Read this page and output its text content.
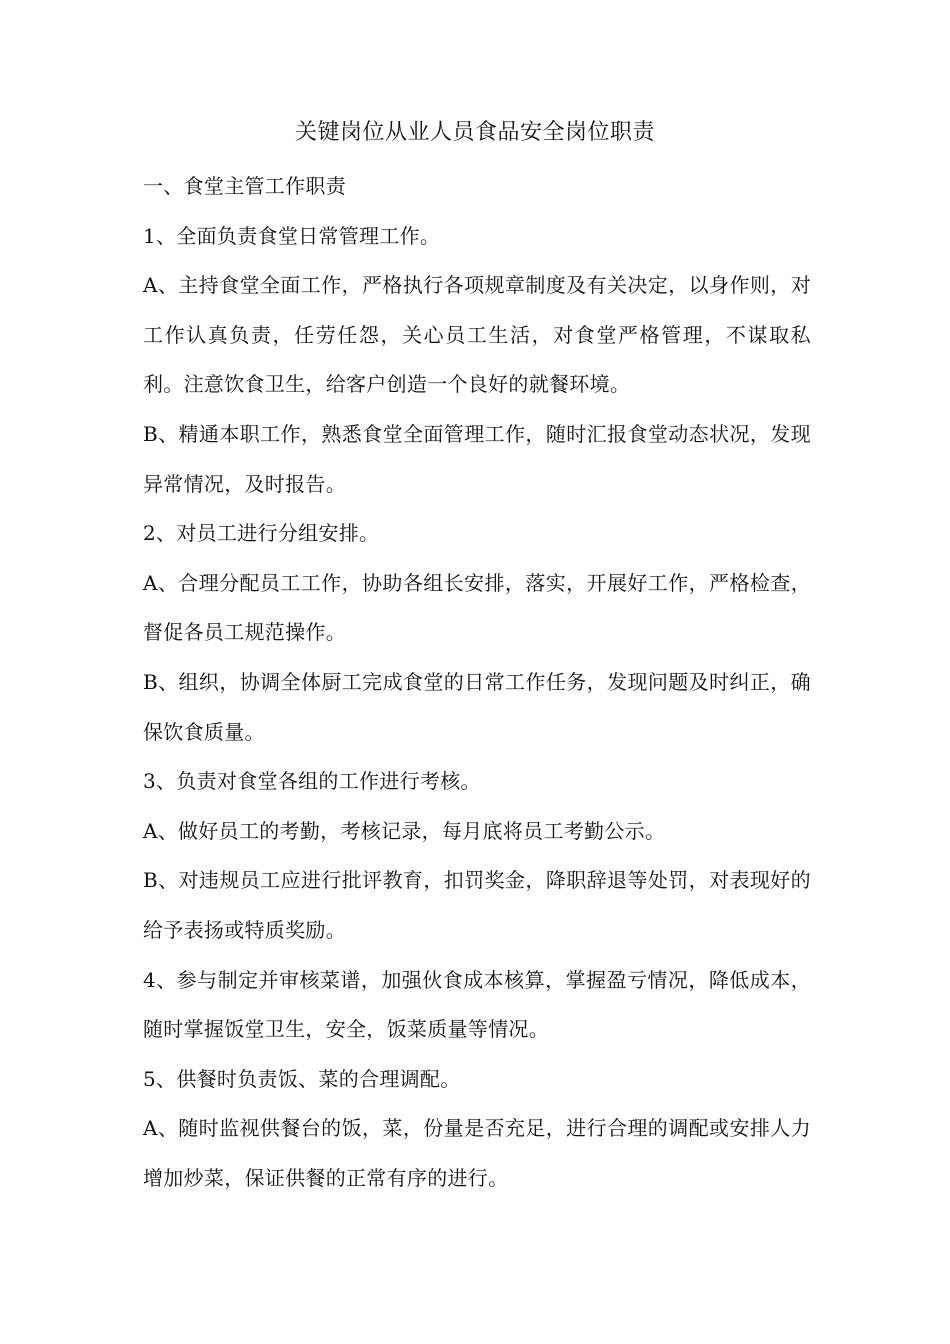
关键岗位从业人员食品安全岗位职责

一、食堂主管工作职责

1、全面负责食堂日常管理工作。

A、主持食堂全面工作，严格执行各项规章制度及有关决定，以身作则，对工作认真负责，任劳任怨，关心员工生活，对食堂严格管理，不谋取私利。注意饮食卫生，给客户创造一个良好的就餐环境。

B、精通本职工作，熟悉食堂全面管理工作，随时汇报食堂动态状况，发现异常情况，及时报告。

2、对员工进行分组安排。

A、合理分配员工工作，协助各组长安排，落实，开展好工作，严格检查，督促各员工规范操作。

B、组织，协调全体厨工完成食堂的日常工作任务，发现问题及时纠正，确保饮食质量。

3、负责对食堂各组的工作进行考核。

A、做好员工的考勤，考核记录，每月底将员工考勤公示。

B、对违规员工应进行批评教育，扣罚奖金，降职辞退等处罚，对表现好的给予表扬或特质奖励。

4、参与制定并审核菜谱，加强伙食成本核算，掌握盈亏情况，降低成本，随时掌握饭堂卫生，安全，饭菜质量等情况。

5、供餐时负责饭、菜的合理调配。

A、随时监视供餐台的饭，菜，份量是否充足，进行合理的调配或安排人力增加炒菜，保证供餐的正常有序的进行。
